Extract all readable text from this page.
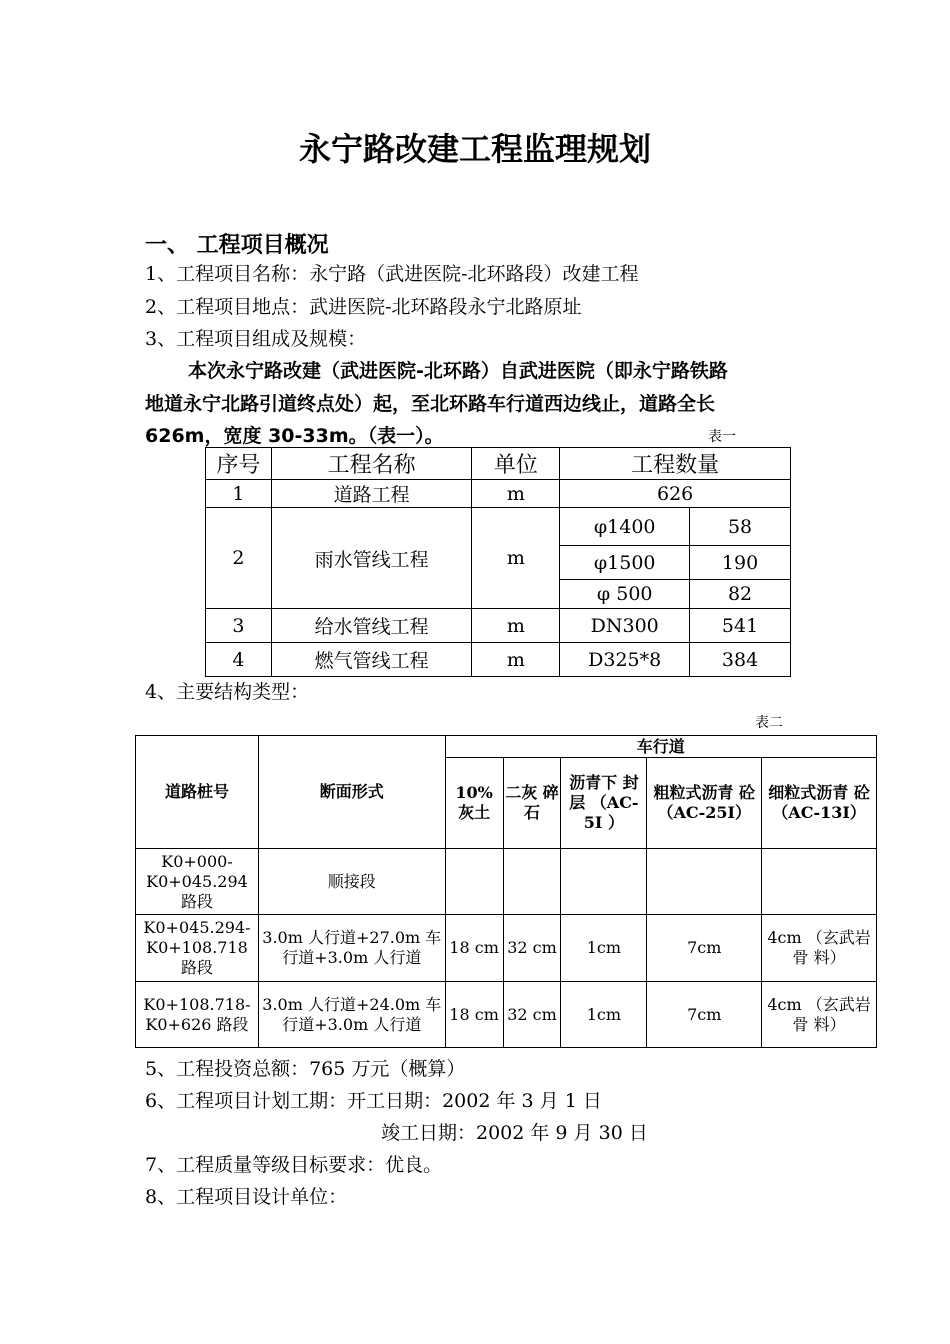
永宁路改建工程监理规划
一、 工程项目概况
1、工程项目名称：永宁路（武进医院-北环路段）改建工程
2、工程项目地点：武进医院-北环路段永宁北路原址
3、工程项目组成及规模：
本次永宁路改建（武进医院-北环路）自武进医院（即永宁路铁路
地道永宁北路引道终点处）起，至北环路车行道西边线止，道路全长
626m，宽度 30-33m。（表一）。	表一
序号	工程名称	单位	工程数量	
1	道路工程	m	626	
2	雨水管线工程	m	φ1400	58
			φ1500	190
			φ 500	82
3	给水管线工程	m	DN300	541
4	燃气管线工程	m	D325*8	384
4、主要结构类型：
表二
道路桩号	断面形式	车行道				
		10% 灰土	二灰 碎石	沥青下 封层 （AC-5I ）	粗粒式沥青 砼 （AC-25I）	细粒式沥青 砼 （AC-13I）
K0+000- K0+045.294 路段	顺接段					
K0+045.294- K0+108.718 路段	3.0m 人行道+27.0m 车行道+3.0m 人行道	18 cm	32 cm	1cm	7cm	4cm （玄武岩骨 料）
K0+108.718- K0+626 路段	3.0m 人行道+24.0m 车行道+3.0m 人行道	18 cm	32 cm	1cm	7cm	4cm （玄武岩骨 料）
5、工程投资总额：765 万元（概算）
6、工程项目计划工期：开工日期：2002 年 3 月 1 日
竣工日期：2002 年 9 月 30 日
7、工程质量等级目标要求：优良。
8、工程项目设计单位：
